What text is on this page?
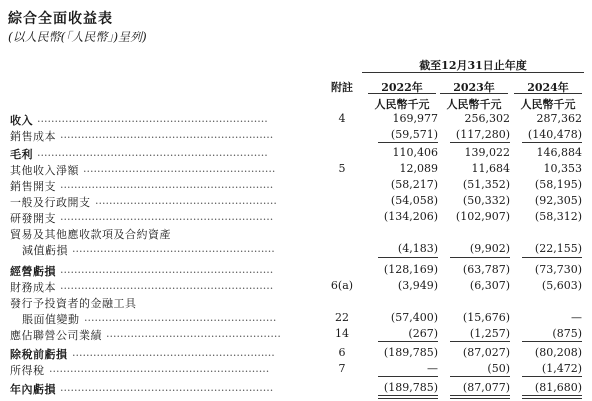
綜合全面收益表
(以人民幣(「人民幣」)呈列)
截至12月31日止年度
附註	2022年	2023年	2024年
人民幣千元	人民幣千元	人民幣千元
收入 ..................................................................	4	169,977	256,302	287,362
銷售成本 .............................................................	(59,571)	(117,280)	(140,478)
毛利 ..................................................................	110,406	139,022	146,884
其他收入淨額 .......................................................	5	12,089	11,684	10,353
銷售開支 .............................................................	(58,217)	(51,352)	(58,195)
一般及行政開支 ....................................................	(54,058)	(50,332)	(92,305)
研發開支 .............................................................	(134,206)	(102,907)	(58,312)
貿易及其他應收款項及合約資產
減值虧損 ..........................................................	(4,183)	(9,902)	(22,155)
經營虧損 .............................................................	(128,169)	(63,787)	(73,730)
財務成本 .............................................................	6(a)	(3,949)	(6,307)	(5,603)
發行予投資者的金融工具
賬面值變動 .......................................................	22	(57,400)	(15,676)	—
應佔聯營公司業績 ..................................................	14	(267)	(1,257)	(875)
除稅前虧損 ..........................................................	6	(189,785)	(87,027)	(80,208)
所得稅 ...............................................................	7	—	(50)	(1,472)
年內虧損 .............................................................	(189,785)	(87,077)	(81,680)
